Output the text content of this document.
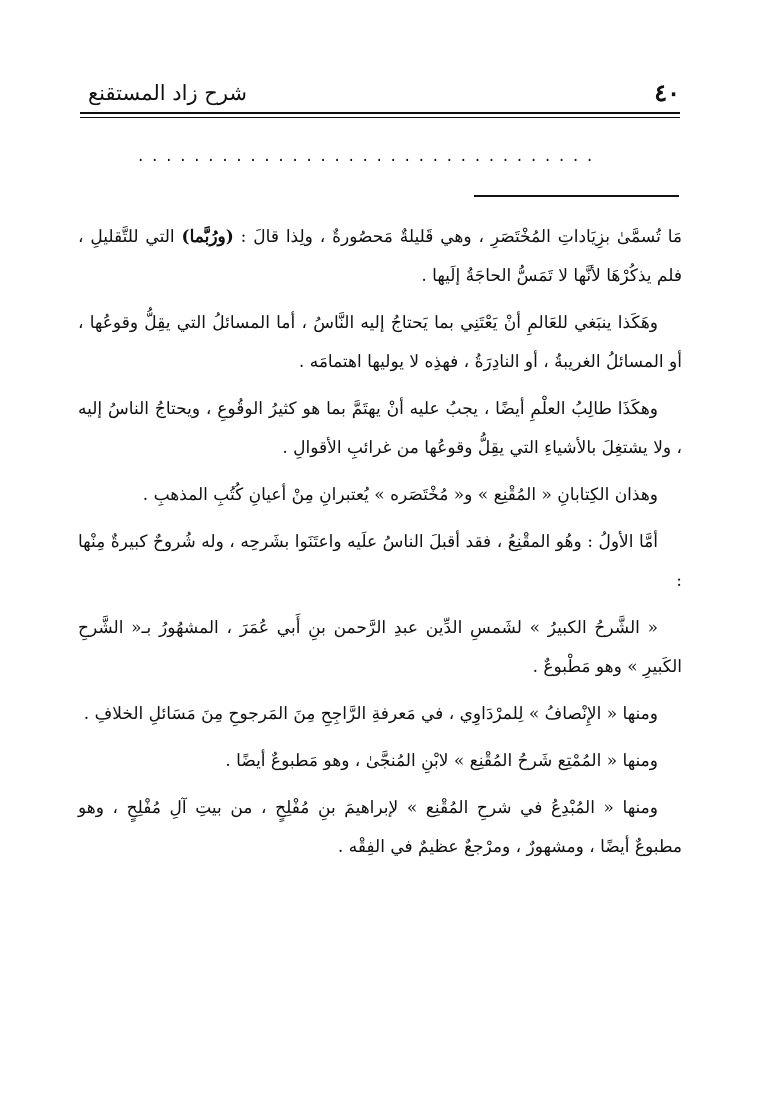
شرح زاد المستقنع	٤٠
.................................

مَا تُسمَّىٰ بزِيَاداتِ المُخْتَصَرِ ، وهي قَليلةٌ مَحصُورةٌ ، ولِذا قالَ : (ورُبَّما) التي للتَّقليلِ ، فلم يذكُرْهَا لأنَّها لا تَمَسُّ الحاجَةُ إلَيها .

وهَكَذا ينبَغي للعَالمِ أنْ يَعْتَنِي بما يَحتاجُ إليه النَّاسُ ، أما المسائلُ التي يقِلُّ وقوعُها ، أو المسائلُ الغريبةُ ، أو النادِرَةُ ، فهذِه لا يوليها اهتمامَه .

وهكَذَا طالِبُ العلْمِ أيضًا ، يجبُ عليه أنْ يهتَمَّ بما هو كثيرُ الوقُوعِ ، ويحتاجُ الناسُ إليه ، ولا يشتغِلَ بالأشياءِ التي يقِلُّ وقوعُها من غرائبِ الأقوالِ .

وهذان الكِتابانِ « المُقْنِع » و« مُخْتَصَره » يُعتبرانِ مِنْ أعيانِ كُتُبِ المذهبِ .

أمَّا الأولُ : وهُو المقْنِعُ ، فقد أقبلَ الناسُ علَيه واعتَنَوا بشَرحِه ، وله شُروحٌ كبيرةٌ مِنْها :

« الشَّرحُ الكبيرُ » لشَمسِ الدِّين عبدِ الرَّحمن بنِ أَبي عُمَرَ ، المشهُورُ بـ« الشَّرحِ الكَبيرِ » وهو مَطْبوعٌ .

ومنها « الإِنْصافُ » لِلمرْدَاوِي ، في مَعرفةِ الرَّاجِحِ مِنَ المَرجوحِ مِنَ مَسَائلِ الخلافِ .

ومنها « المُمْتِع شَرحُ المُقْنِع » لابْنِ المُنجَّىٰ ، وهو مَطبوعٌ أيضًا .

ومنها « المُبْدِعُ في شرحِ المُقْنِع » لإبراهيمَ بنِ مُفْلِحٍ ، من بيتِ آلِ مُفْلِحٍ ، وهو مطبوعٌ أيضًا ، ومشهورٌ ، ومرْجعٌ عظيمٌ في الفِقْه .
